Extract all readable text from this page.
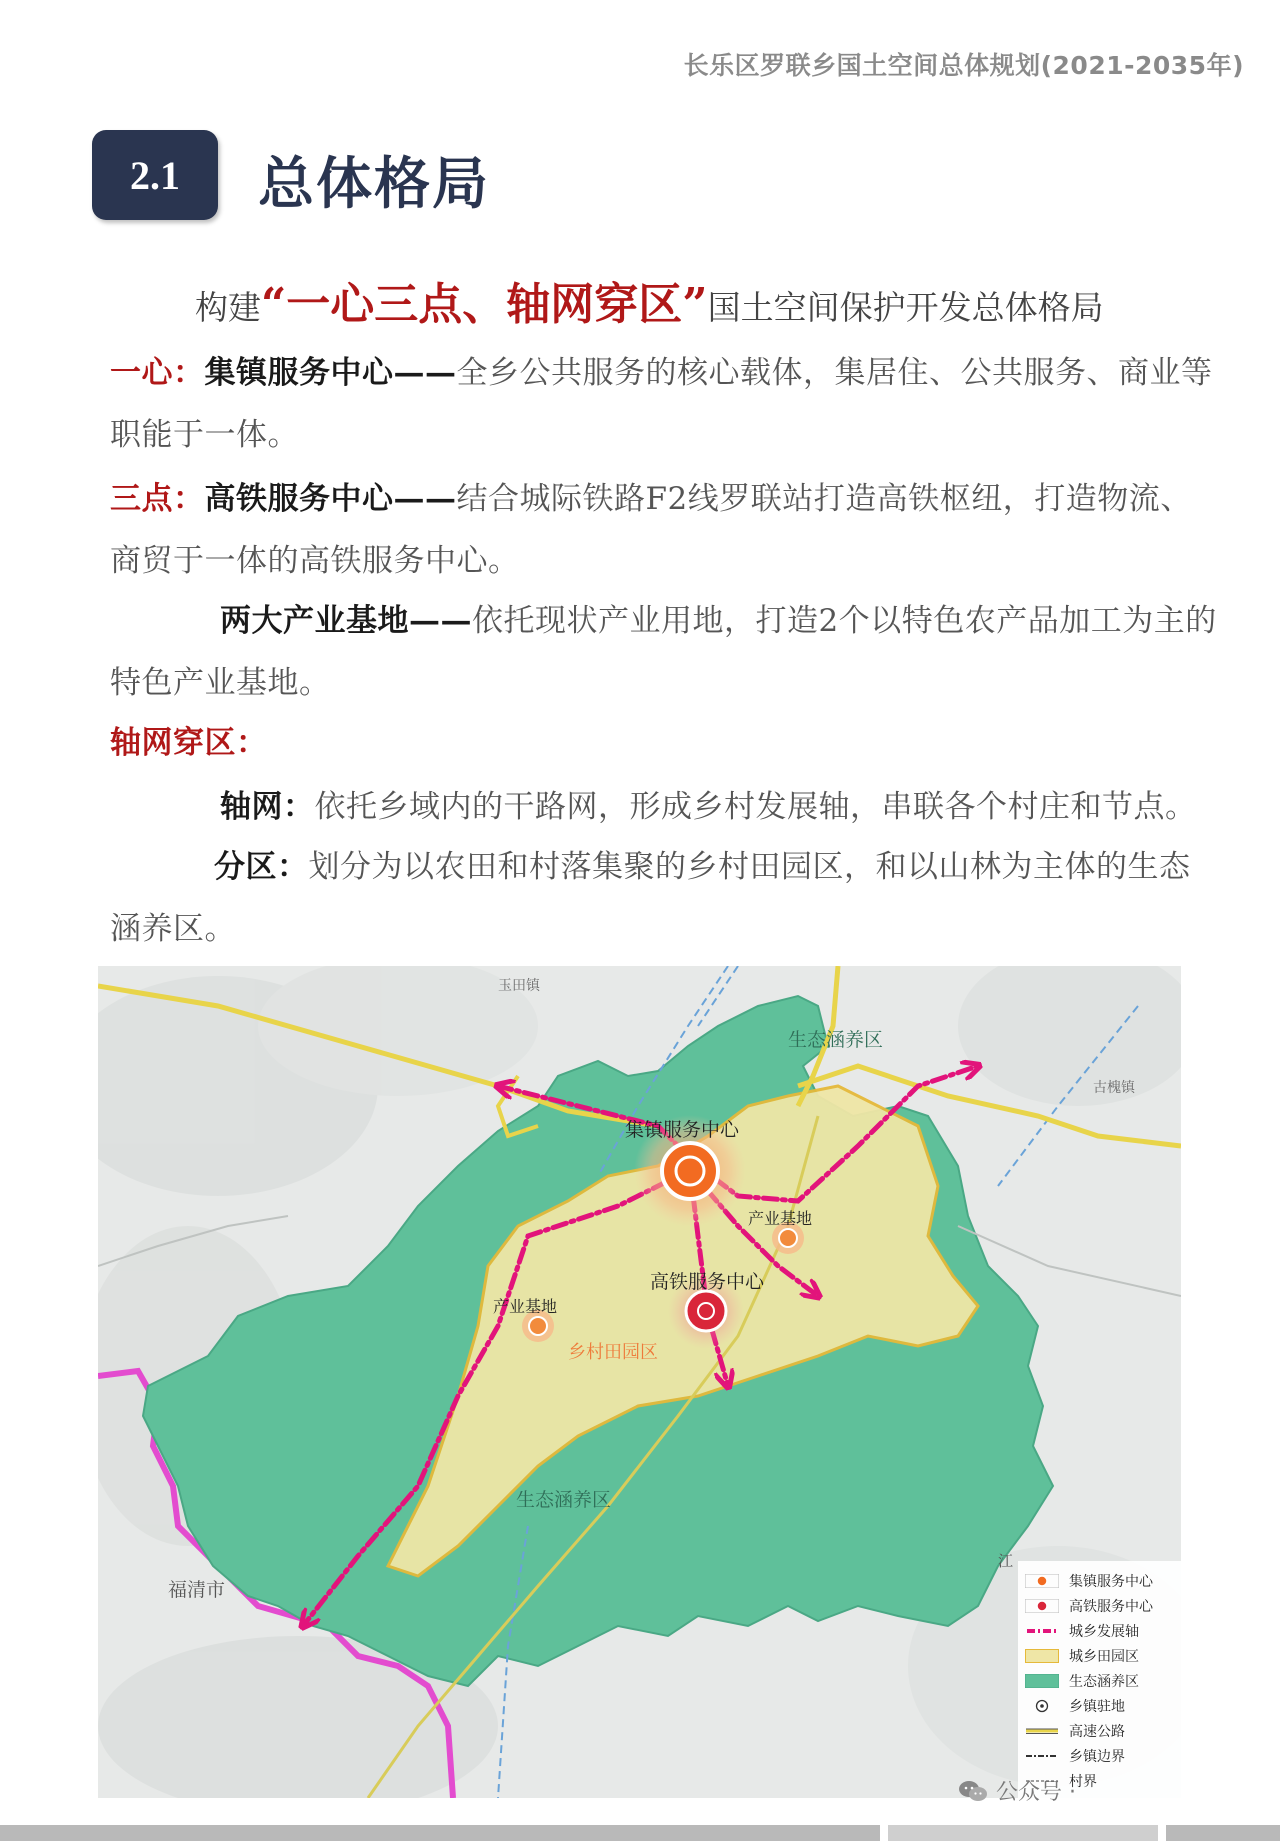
长乐区罗联乡国土空间总体规划(2021-2035年)
2.1 总体格局
构建“一心三点、轴网穿区”国土空间保护开发总体格局
一心：集镇服务中心——全乡公共服务的核心载体，集居住、公共服务、商业等职能于一体。
三点：高铁服务中心——结合城际铁路F2线罗联站打造高铁枢纽，打造物流、商贸于一体的高铁服务中心。
两大产业基地——依托现状产业用地，打造2个以特色农产品加工为主的特色产业基地。
轴网穿区：
轴网：依托乡域内的干路网，形成乡村发展轴，串联各个村庄和节点。
分区：划分为以农田和村落集聚的乡村田园区，和以山林为主体的生态涵养区。
集镇服务中心
高铁服务中心
产业基地
产业基地
乡村田园区
生态涵养区
生态涵养区
玉田镇
古槐镇
福清市
江
集镇服务中心
高铁服务中心
城乡发展轴
城乡田园区
生态涵养区
乡镇驻地
高速公路
乡镇边界
村界
公众号 ·
